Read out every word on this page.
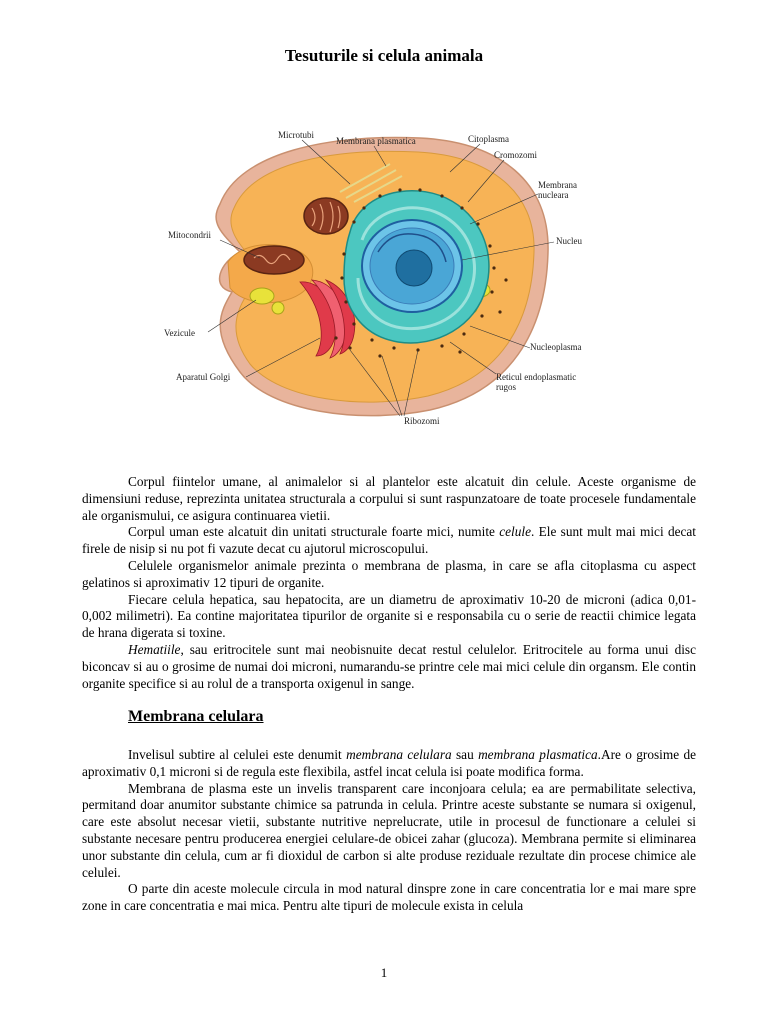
Tesuturile si celula animala
Microtubi
Membrana plasmatica	Citoplasma
Cromozomi
Membrana
nucleara
Nucleu
Mitocondrii
Vezicule
Nucleoplasma
Aparatul Golgi	Reticul endoplasmatic
rugos
Ribozomi

Corpul fiintelor umane, al animalelor si al plantelor este alcatuit din celule. Aceste organisme de dimensiuni reduse, reprezinta unitatea structurala a corpului si sunt raspunzatoare de toate procesele fundamentale ale organismului, ce asigura continuarea vietii.

Corpul uman este alcatuit din unitati structurale foarte mici, numite celule. Ele sunt mult mai mici decat firele de nisip si nu pot fi vazute decat cu ajutorul microscopului.

Celulele organismelor animale prezinta o membrana de plasma, in care se afla citoplasma cu aspect gelatinos si aproximativ 12 tipuri de organite.

Fiecare celula hepatica, sau hepatocita, are un diametru de aproximativ 10-20 de microni (adica 0,01-0,002 milimetri). Ea contine majoritatea tipurilor de organite si e responsabila cu o serie de reactii chimice legata de hrana digerata si toxine.

Hematiile, sau eritrocitele sunt mai neobisnuite decat restul celulelor. Eritrocitele au forma unui disc biconcav si au o grosime de numai doi microni, numarandu-se printre cele mai mici celule din organsm. Ele contin organite specifice si au rolul de a transporta oxigenul in sange.

Membrana celulara

Invelisul subtire al celulei este denumit membrana celulara sau membrana plasmatica.Are o grosime de aproximativ 0,1 microni si de regula este flexibila, astfel incat celula isi poate modifica forma.

Membrana de plasma este un invelis transparent care inconjoara celula; ea are permabilitate selectiva, permitand doar anumitor substante chimice sa patrunda in celula. Printre aceste substante se numara si oxigenul, care este absolut necesar vietii, substante nutritive neprelucrate, utile in procesul de functionare a celulei si substante necesare pentru producerea energiei celulare-de obicei zahar (glucoza). Membrana permite si eliminarea unor substante din celula, cum ar fi dioxidul de carbon si alte produse reziduale rezultate din procese chimice ale celulei.

O parte din aceste molecule circula in mod natural dinspre zone in care concentratia lor e mai mare spre zone in care concentratia e mai mica. Pentru alte tipuri de molecule exista in celula

1
